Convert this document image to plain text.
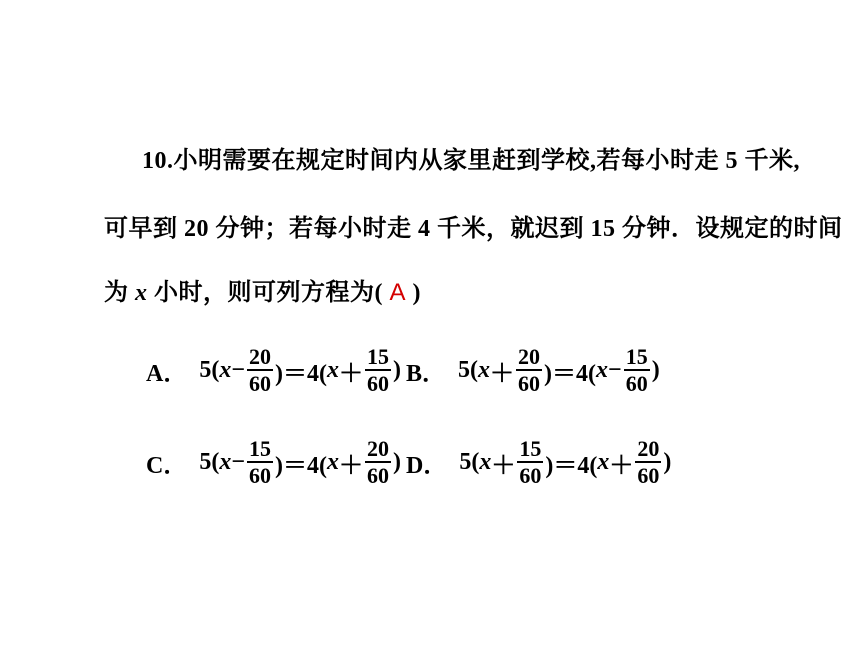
10.小明需要在规定时间内从家里赶到学校,若每小时走 5 千米,
可早到 20 分钟；若每小时走 4 千米，就迟到 15 分钟．设规定的时间
为 x 小时，则可列方程为( A )
A． 5( $x - \frac{20}{60} )=4$( $x + \frac{15}{60}$ ) B． 5( $x + \frac{20}{60} )=4$( $x - \frac{15}{60}$ )
C． 5( $x - \frac{15}{60} )=4$( $x + \frac{20}{60}$ ) D． 5( $x + \frac{15}{60} )=4$( $x + \frac{20}{60}$ )
